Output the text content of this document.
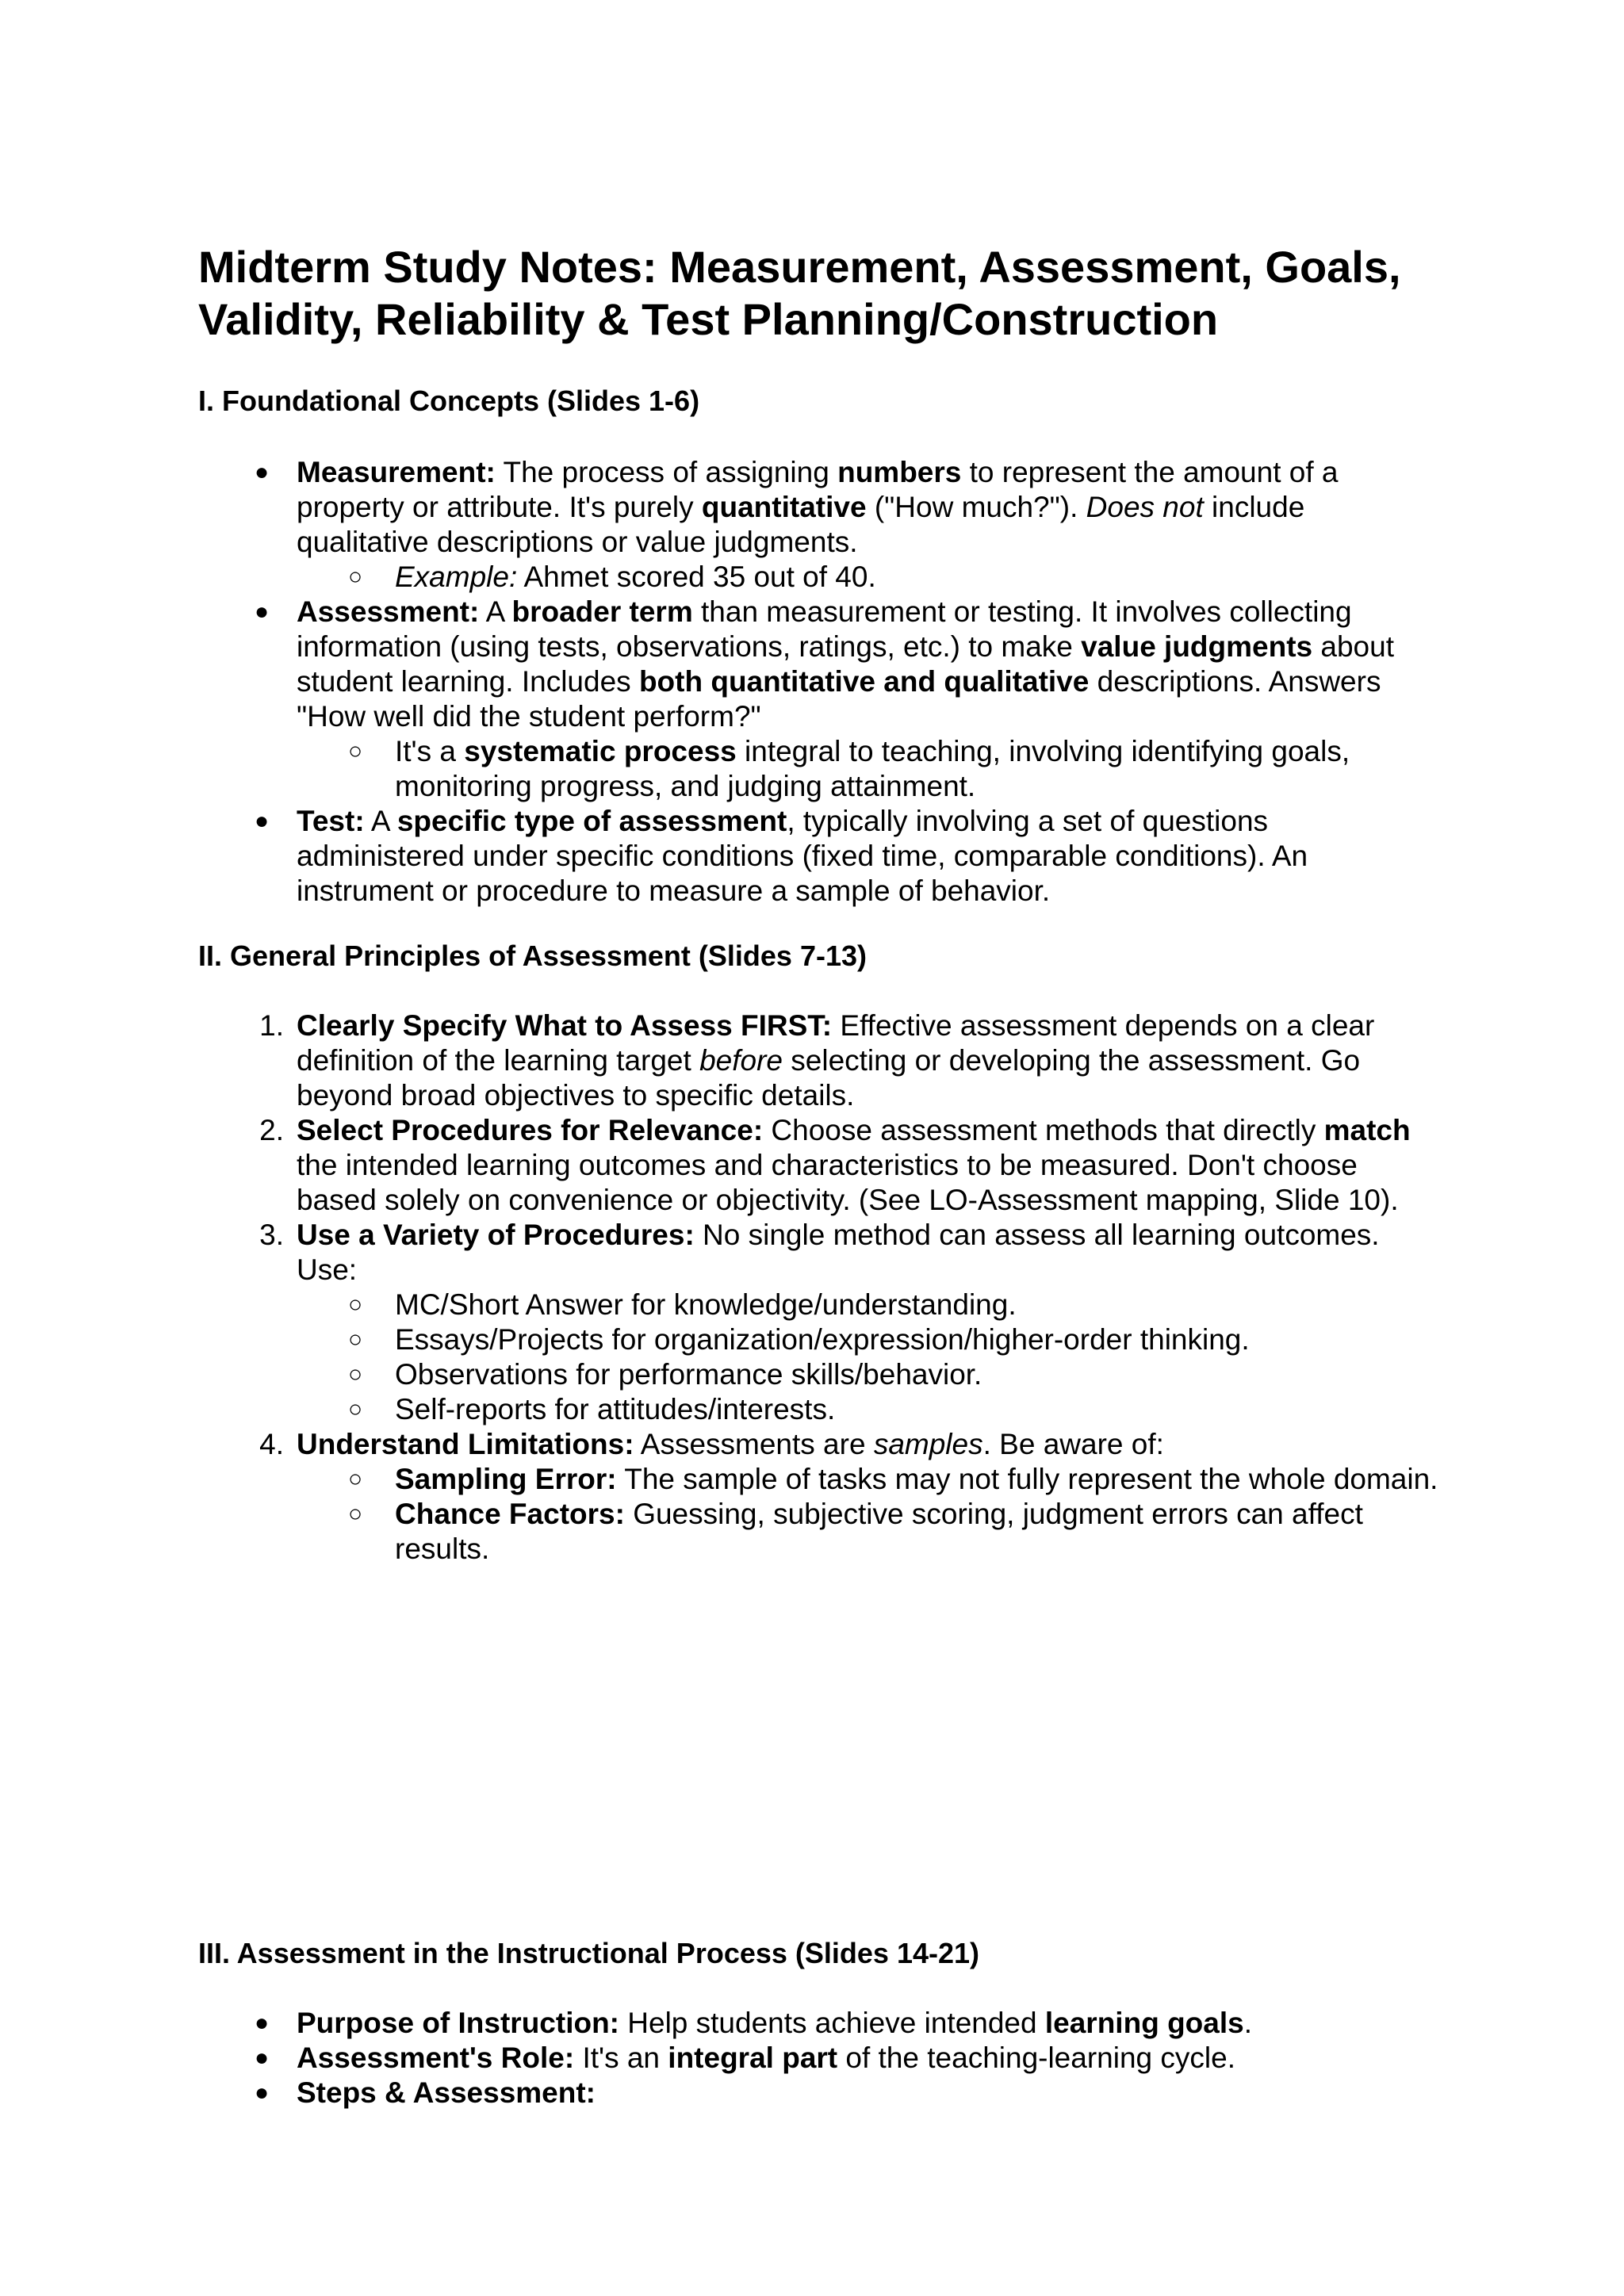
Midterm Study Notes: Measurement, Assessment, Goals, Validity, Reliability & Test Planning/Construction
I. Foundational Concepts (Slides 1-6)
● Measurement: The process of assigning numbers to represent the amount of a property or attribute. It's purely quantitative ("How much?"). Does not include qualitative descriptions or value judgments.
○ Example: Ahmet scored 35 out of 40.
● Assessment: A broader term than measurement or testing. It involves collecting information (using tests, observations, ratings, etc.) to make value judgments about student learning. Includes both quantitative and qualitative descriptions. Answers "How well did the student perform?"
○ It's a systematic process integral to teaching, involving identifying goals, monitoring progress, and judging attainment.
● Test: A specific type of assessment, typically involving a set of questions administered under specific conditions (fixed time, comparable conditions). An instrument or procedure to measure a sample of behavior.
II. General Principles of Assessment (Slides 7-13)
1. Clearly Specify What to Assess FIRST: Effective assessment depends on a clear definition of the learning target before selecting or developing the assessment. Go beyond broad objectives to specific details.
2. Select Procedures for Relevance: Choose assessment methods that directly match the intended learning outcomes and characteristics to be measured. Don't choose based solely on convenience or objectivity. (See LO-Assessment mapping, Slide 10).
3. Use a Variety of Procedures: No single method can assess all learning outcomes. Use:
○ MC/Short Answer for knowledge/understanding.
○ Essays/Projects for organization/expression/higher-order thinking.
○ Observations for performance skills/behavior.
○ Self-reports for attitudes/interests.
4. Understand Limitations: Assessments are samples. Be aware of:
○ Sampling Error: The sample of tasks may not fully represent the whole domain.
○ Chance Factors: Guessing, subjective scoring, judgment errors can affect results.
III. Assessment in the Instructional Process (Slides 14-21)
● Purpose of Instruction: Help students achieve intended learning goals.
● Assessment's Role: It's an integral part of the teaching-learning cycle.
● Steps & Assessment:
